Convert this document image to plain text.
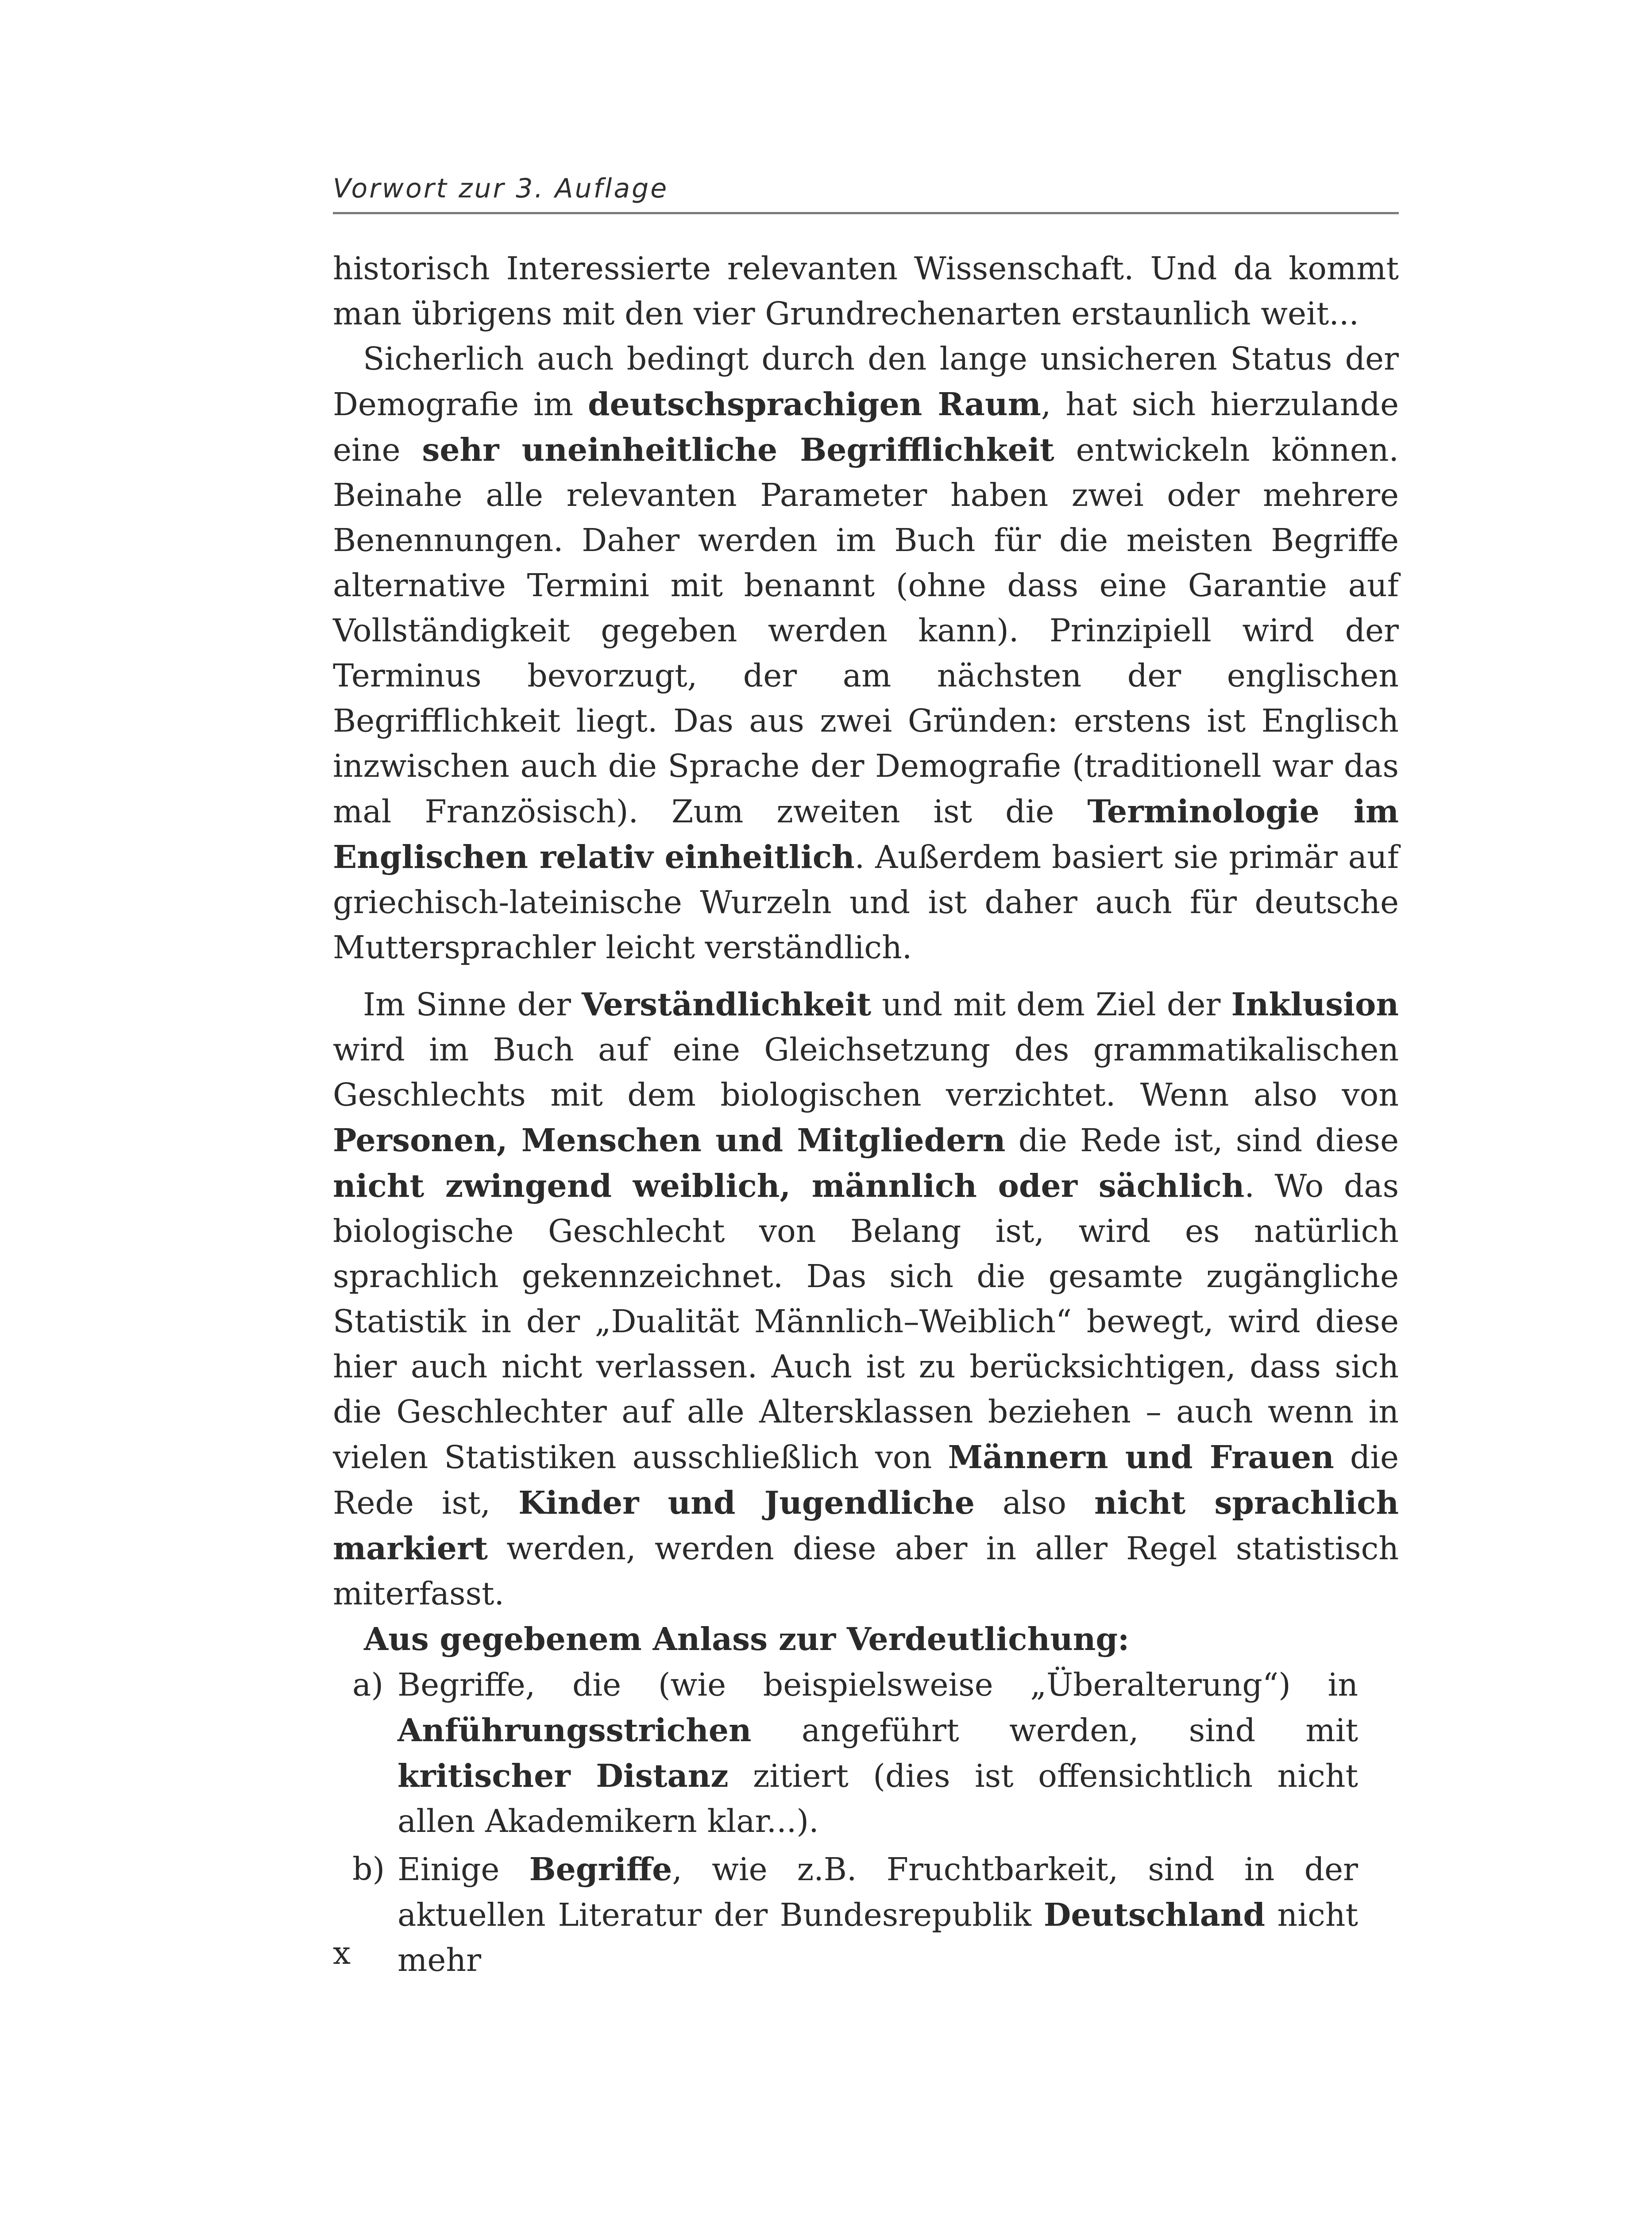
Vorwort zur 3. Auflage

historisch Interessierte relevanten Wissenschaft. Und da kommt man übrigens mit den vier Grundrechenarten erstaunlich weit...

Sicherlich auch bedingt durch den lange unsicheren Status der Demografie im deutschsprachigen Raum, hat sich hierzulande eine sehr uneinheitliche Begrifflichkeit entwickeln können. Beinahe alle relevanten Parameter haben zwei oder mehrere Benennungen. Daher werden im Buch für die meisten Begriffe alternative Termini mit benannt (ohne dass eine Garantie auf Vollständigkeit gegeben werden kann). Prinzipiell wird der Terminus bevorzugt, der am nächsten der englischen Begrifflichkeit liegt. Das aus zwei Gründen: erstens ist Englisch inzwischen auch die Sprache der Demografie (traditionell war das mal Französisch). Zum zweiten ist die Terminologie im Englischen relativ einheitlich. Außerdem basiert sie primär auf griechisch-lateinische Wurzeln und ist daher auch für deutsche Muttersprachler leicht verständlich.

Im Sinne der Verständlichkeit und mit dem Ziel der Inklusion wird im Buch auf eine Gleichsetzung des grammatikalischen Geschlechts mit dem biologischen verzichtet. Wenn also von Personen, Menschen und Mitgliedern die Rede ist, sind diese nicht zwingend weiblich, männlich oder sächlich. Wo das biologische Geschlecht von Belang ist, wird es natürlich sprachlich gekennzeichnet. Das sich die gesamte zugängliche Statistik in der „Dualität Männlich–Weiblich“ bewegt, wird diese hier auch nicht verlassen. Auch ist zu berücksichtigen, dass sich die Geschlechter auf alle Altersklassen beziehen – auch wenn in vielen Statistiken ausschließlich von Männern und Frauen die Rede ist, Kinder und Jugendliche also nicht sprachlich markiert werden, werden diese aber in aller Regel statistisch miterfasst.

Aus gegebenem Anlass zur Verdeutlichung:

a) Begriffe, die (wie beispielsweise „Überalterung“) in Anführungsstrichen angeführt werden, sind mit kritischer Distanz zitiert (dies ist offensichtlich nicht allen Akademikern klar...).
b) Einige Begriffe, wie z.B. Fruchtbarkeit, sind in der aktuellen Literatur der Bundesrepublik Deutschland nicht mehr
x
